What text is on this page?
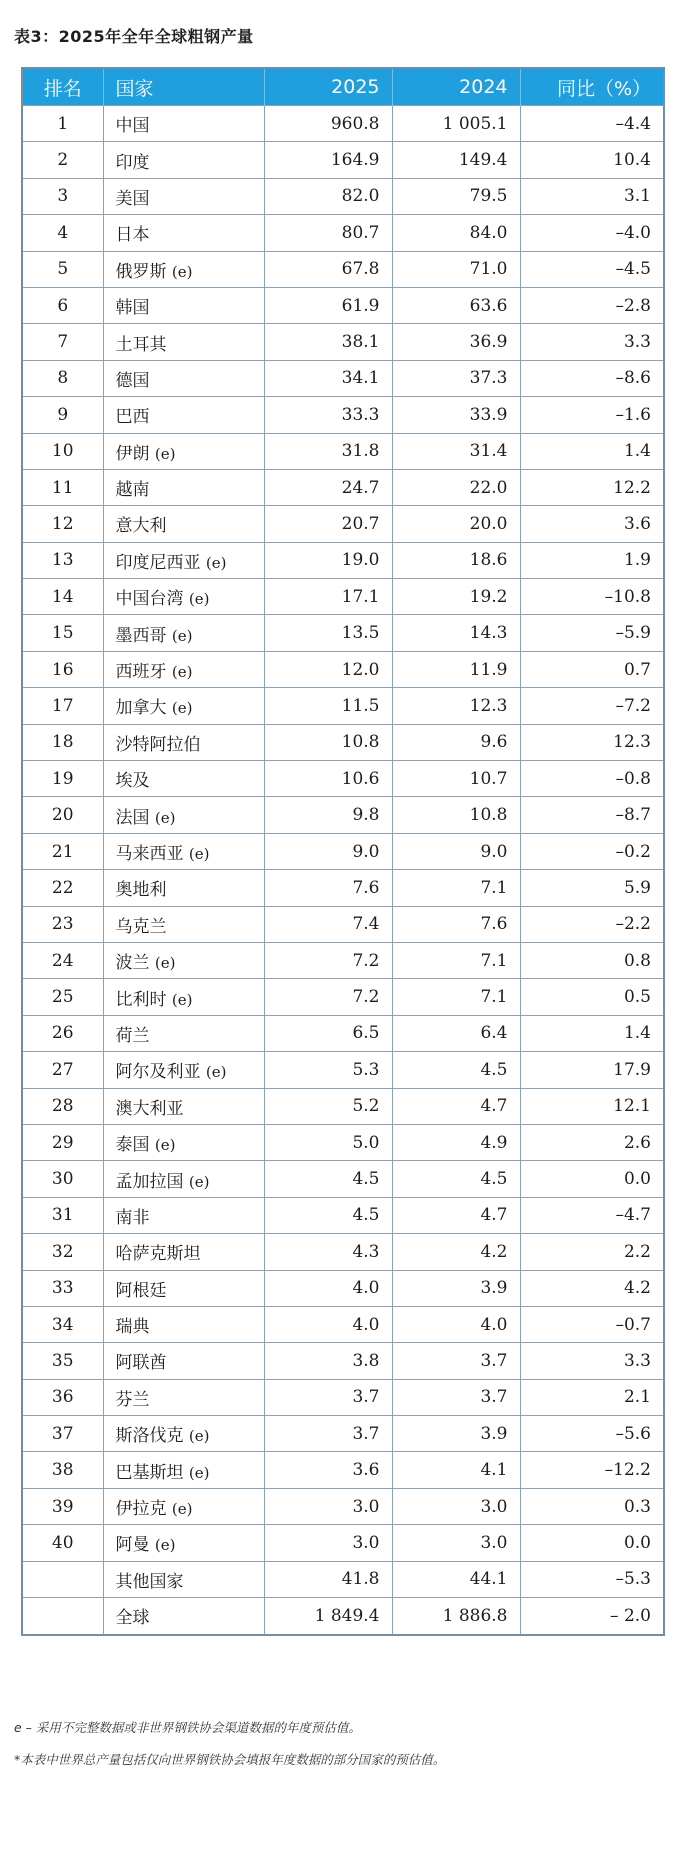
表3：2025年全年全球粗钢产量
排名	国家	2025	2024	同比（%）
1	中国	960.8	1 005.1	–4.4
2	印度	164.9	149.4	10.4
3	美国	82.0	79.5	3.1
4	日本	80.7	84.0	–4.0
5	俄罗斯 (e)	67.8	71.0	–4.5
6	韩国	61.9	63.6	–2.8
7	土耳其	38.1	36.9	3.3
8	德国	34.1	37.3	–8.6
9	巴西	33.3	33.9	–1.6
10	伊朗 (e)	31.8	31.4	1.4
11	越南	24.7	22.0	12.2
12	意大利	20.7	20.0	3.6
13	印度尼西亚 (e)	19.0	18.6	1.9
14	中国台湾 (e)	17.1	19.2	–10.8
15	墨西哥 (e)	13.5	14.3	–5.9
16	西班牙 (e)	12.0	11.9	0.7
17	加拿大 (e)	11.5	12.3	–7.2
18	沙特阿拉伯	10.8	9.6	12.3
19	埃及	10.6	10.7	–0.8
20	法国 (e)	9.8	10.8	–8.7
21	马来西亚 (e)	9.0	9.0	–0.2
22	奥地利	7.6	7.1	5.9
23	乌克兰	7.4	7.6	–2.2
24	波兰 (e)	7.2	7.1	0.8
25	比利时 (e)	7.2	7.1	0.5
26	荷兰	6.5	6.4	1.4
27	阿尔及利亚 (e)	5.3	4.5	17.9
28	澳大利亚	5.2	4.7	12.1
29	泰国 (e)	5.0	4.9	2.6
30	孟加拉国 (e)	4.5	4.5	0.0
31	南非	4.5	4.7	–4.7
32	哈萨克斯坦	4.3	4.2	2.2
33	阿根廷	4.0	3.9	4.2
34	瑞典	4.0	4.0	–0.7
35	阿联酋	3.8	3.7	3.3
36	芬兰	3.7	3.7	2.1
37	斯洛伐克 (e)	3.7	3.9	–5.6
38	巴基斯坦 (e)	3.6	4.1	–12.2
39	伊拉克 (e)	3.0	3.0	0.3
40	阿曼 (e)	3.0	3.0	0.0
	其他国家	41.8	44.1	–5.3
	全球	1 849.4	1 886.8	– 2.0
e – 采用不完整数据或非世界钢铁协会渠道数据的年度预估值。
*本表中世界总产量包括仅向世界钢铁协会填报年度数据的部分国家的预估值。
